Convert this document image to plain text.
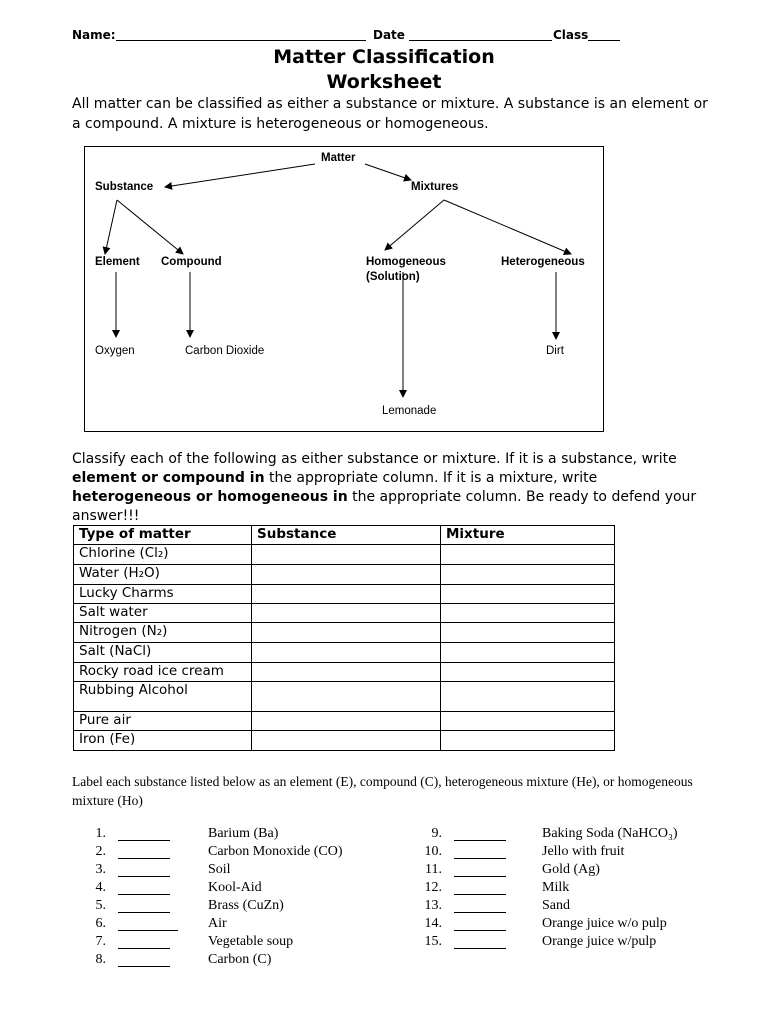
Name:	Date	Class
Matter Classification
Worksheet
All matter can be classified as either a substance or mixture. A substance is an element or a compound. A mixture is heterogeneous or homogeneous.
Matter
Substance	Mixtures
Element Compound	Homogeneous
(Solution)
Heterogeneous
Oxygen	Carbon Dioxide	Dirt
Lemonade
Classify each of the following as either substance or mixture. If it is a substance, write element or compound in the appropriate column. If it is a mixture, write heterogeneous or homogeneous in the appropriate column. Be ready to defend your answer!!!
Type of matter	Substance	Mixture
Chlorine (Cl₂)		
Water (H₂O)		
Lucky Charms		
Salt water		
Nitrogen (N₂)		
Salt (NaCl)		
Rocky road ice cream		
Rubbing Alcohol		
Pure air		
Iron (Fe)		
Label each substance listed below as an element (E), compound (C), heterogeneous mixture (He), or homogeneous mixture (Ho)
1.	Barium (Ba)
2.	Carbon Monoxide (CO)
3.	Soil
4.	Kool-Aid
5.	Brass (CuZn)
6.	Air
7.	Vegetable soup
8.	Carbon (C)
9.	Baking Soda (NaHCO₃)
10.	Jello with fruit
11.	Gold (Ag)
12.	Milk
13.	Sand
14.	Orange juice w/o pulp
15.	Orange juice w/pulp
